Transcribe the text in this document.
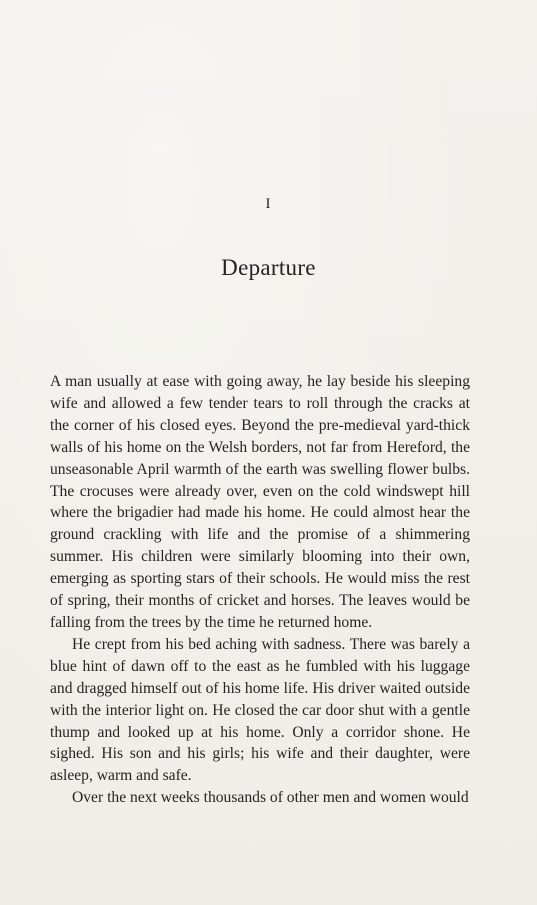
I
Departure

A man usually at ease with going away, he lay beside his sleeping wife and allowed a few tender tears to roll through the cracks at the corner of his closed eyes. Beyond the pre-medieval yard-thick walls of his home on the Welsh borders, not far from Hereford, the unseasonable April warmth of the earth was swelling flower bulbs. The crocuses were already over, even on the cold windswept hill where the brigadier had made his home. He could almost hear the ground crackling with life and the promise of a shimmering summer. His children were similarly blooming into their own, emerging as sporting stars of their schools. He would miss the rest of spring, their months of cricket and horses. The leaves would be falling from the trees by the time he returned home.

He crept from his bed aching with sadness. There was barely a blue hint of dawn off to the east as he fumbled with his luggage and dragged himself out of his home life. His driver waited outside with the interior light on. He closed the car door shut with a gentle thump and looked up at his home. Only a corridor shone. He sighed. His son and his girls; his wife and their daughter, were asleep, warm and safe.

Over the next weeks thousands of other men and women would
